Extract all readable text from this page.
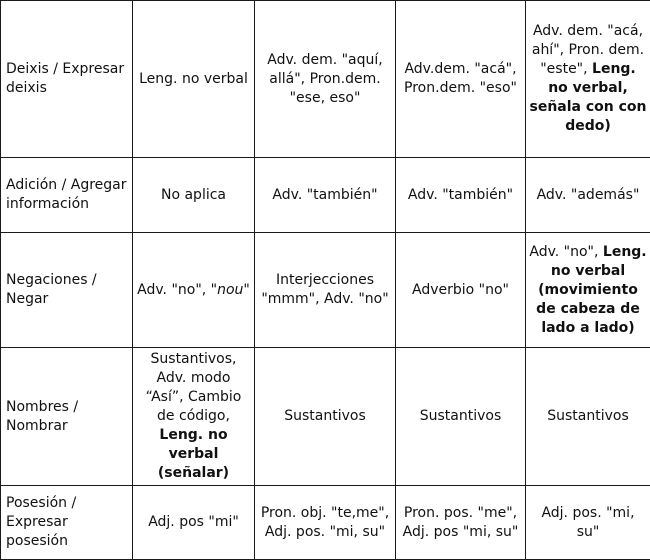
Deixis / Expresar deixis	Leng. no verbal	Adv. dem. "aquí, allá", Pron.dem. "ese, eso"	Adv.dem. "acá", Pron.dem. "eso"	Adv. dem. "acá, ahí", Pron. dem. "este", Leng. no verbal, señala con con dedo)
Adición / Agregar información	No aplica	Adv. "también"	Adv. "también"	Adv. "además"
Negaciones / Negar	Adv. "no", "nou"	Interjecciones "mmm", Adv. "no"	Adverbio "no"	Adv. "no", Leng. no verbal (movimiento de cabeza de lado a lado)
Nombres / Nombrar	Sustantivos, Adv. modo “Así”, Cambio de código, Leng. no verbal (señalar)	Sustantivos	Sustantivos	Sustantivos
Posesión / Expresar posesión	Adj. pos "mi"	Pron. obj. "te,me", Adj. pos. "mi, su"	Pron. pos. "me", Adj. pos "mi, su"	Adj. pos. "mi, su"
